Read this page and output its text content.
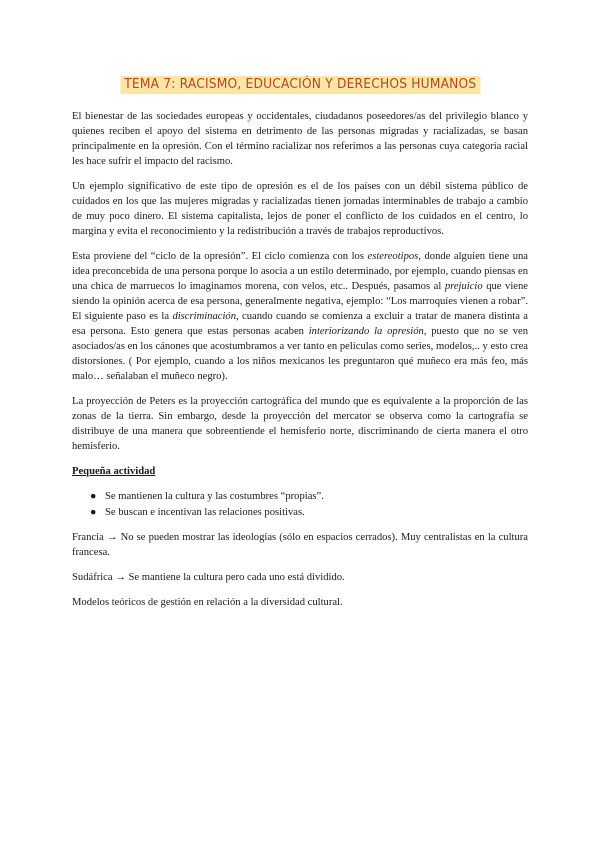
TEMA 7: RACISMO, EDUCACIÓN Y DERECHOS HUMANOS

El bienestar de las sociedades europeas y occidentales, ciudadanos poseedores/as del privilegio blanco y quienes reciben el apoyo del sistema en detrimento de las personas migradas y racializadas, se basan principalmente en la opresión. Con el término racializar nos referimos a las personas cuya categoría racial les hace sufrir el impacto del racismo.

Un ejemplo significativo de este tipo de opresión es el de los países con un débil sistema público de cuidados en los que las mujeres migradas y racializadas tienen jornadas interminables de trabajo a cambio de muy poco dinero. El sistema capitalista, lejos de poner el conflicto de los cuidados en el centro, lo margina y evita el reconocimiento y la redistribución a través de trabajos reproductivos.

Esta proviene del “ciclo de la opresión”. El ciclo comienza con los estereotipos, donde alguien tiene una idea preconcebida de una persona porque lo asocia a un estilo determinado, por ejemplo, cuando piensas en una chica de marruecos lo imaginamos morena, con velos, etc.. Después, pasamos al prejuicio que viene siendo la opinión acerca de esa persona, generalmente negativa, ejemplo: “Los marroquíes vienen a robar”. El siguiente paso es la discriminación, cuando cuando se comienza a excluir a tratar de manera distinta a esa persona. Esto genera que estas personas acaben interiorizando la opresión, puesto que no se ven asociados/as en los cánones que acostumbramos a ver tanto en películas como series, modelos,.. y esto crea distorsiones. ( Por ejemplo, cuando a los niños mexicanos les preguntaron qué muñeco era más feo, más malo… señalaban el muñeco negro).

La proyección de Peters es la proyección cartográfica del mundo que es equivalente a la proporción de las zonas de la tierra. Sin embargo, desde la proyección del mercator se observa como la cartografía se distribuye de una manera que sobreentiende el hemisferio norte, discriminando de cierta manera el otro hemisferio.

Pequeña actividad

● Se mantienen la cultura y las costumbres “propias”.
● Se buscan e incentivan las relaciones positivas.

Francia → No se pueden mostrar las ideologías (sólo en espacios cerrados). Muy centralistas en la cultura francesa.

Sudáfrica → Se mantiene la cultura pero cada uno está dividido.

Modelos teóricos de gestión en relación a la diversidad cultural.
